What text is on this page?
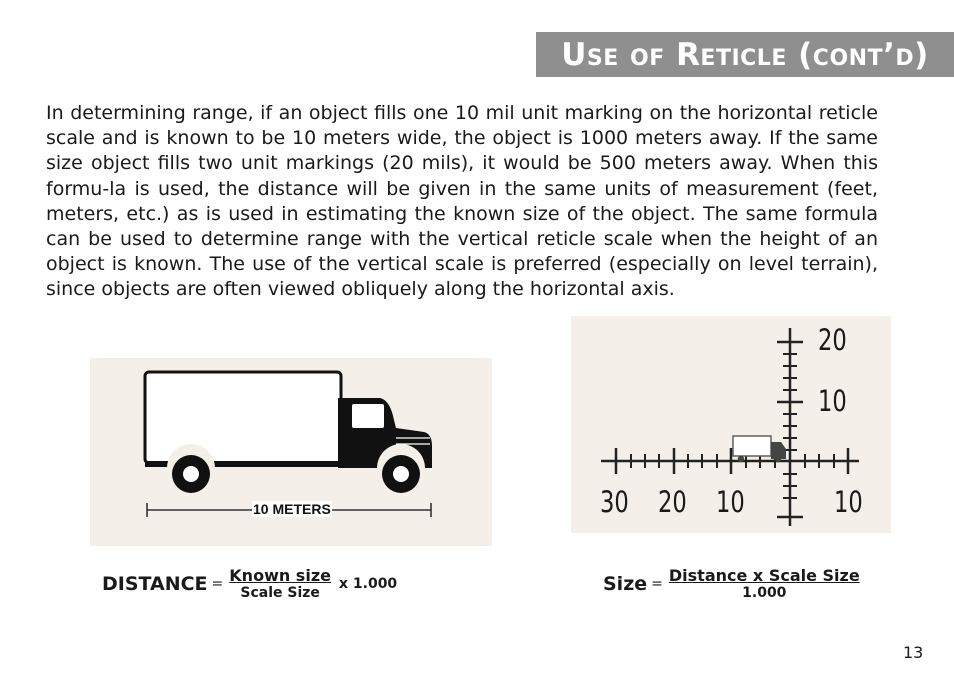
Use of Reticle (cont’d)

In determining range, if an object fills one 10 mil unit marking on the horizontal reticle scale and is known to be 10 meters wide, the object is 1000 meters away. If the same size object fills two unit markings (20 mils), it would be 500 meters away. When this formu-la is used, the distance will be given in the same units of measurement (feet, meters, etc.) as is used in estimating the known size of the object. The same formula can be used to determine range with the vertical reticle scale when the height of an object is known. The use of the vertical scale is preferred (especially on level terrain), since objects are often viewed obliquely along the horizontal axis.

10 METERS
20
10
30 20 10	10
DISTANCE = $\frac{\text{Known size}}{\text{Scale Size}}$ x 1.000	Size = $\frac{\text{Distance x Scale Size}}{1.000}$
13
